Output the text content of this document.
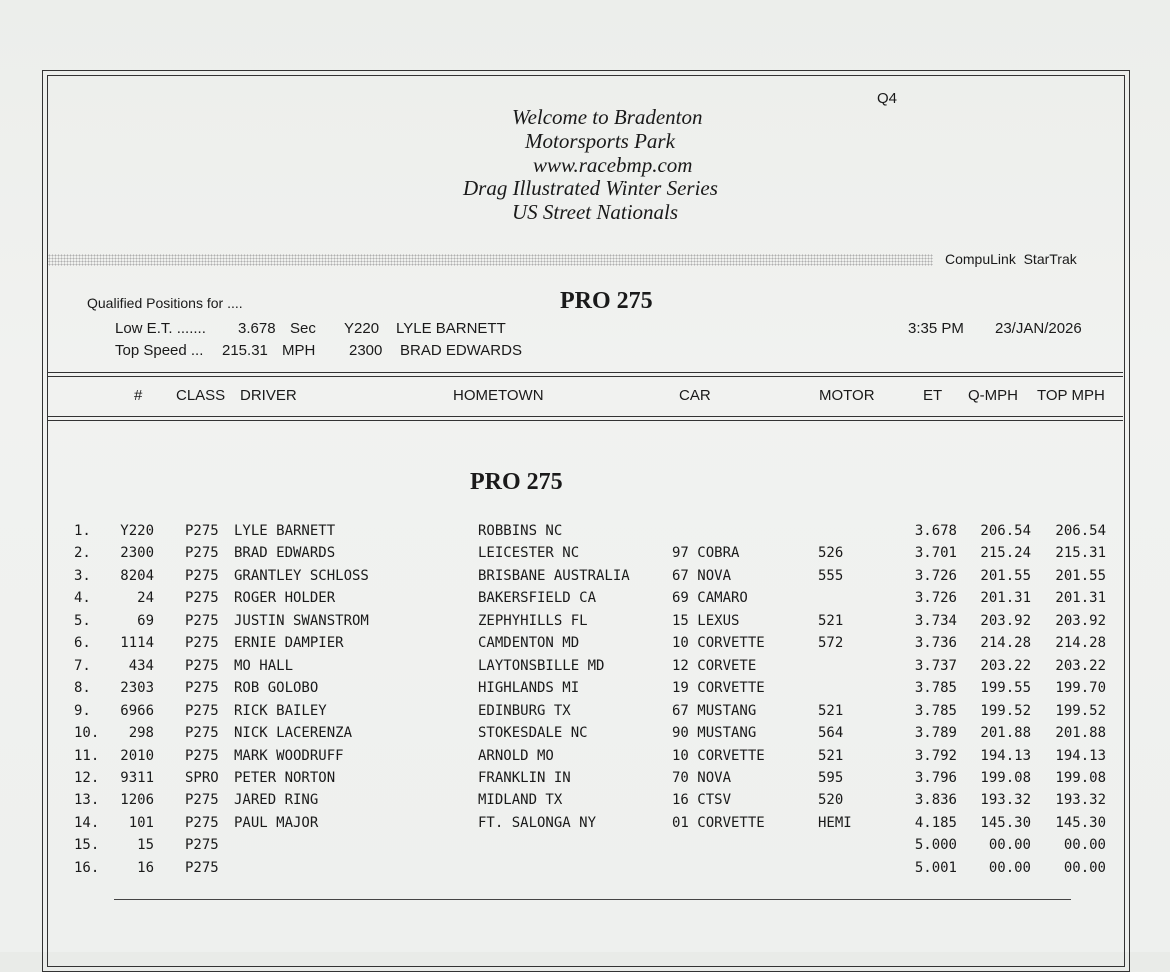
Q4
Welcome to Bradenton
Motorsports Park
www.racebmp.com
Drag Illustrated Winter Series
US Street Nationals
CompuLink  StarTrak
Qualified Positions for ....
Low E.T. ....... 3.678 Sec Y220 LYLE BARNETT
Top Speed ... 215.31 MPH 2300 BRAD EDWARDS
PRO 275
3:35 PM 23/JAN/2026
# CLASS DRIVER	HOMETOWN	CAR	MOTOR	ET Q-MPH TOP MPH
PRO 275
1. Y220 P275 LYLE BARNETT	ROBBINS NC	3.678 206.54 206.54
2. 2300 P275 BRAD EDWARDS	LEICESTER NC	97 COBRA	526	3.701 215.24 215.31
3. 8204 P275 GRANTLEY SCHLOSS	BRISBANE AUSTRALIA	67 NOVA	555	3.726 201.55 201.55
4.	24 P275 ROGER HOLDER	BAKERSFIELD CA	69 CAMARO	3.726 201.31 201.31
5.	69 P275 JUSTIN SWANSTROM	ZEPHYHILLS FL	15 LEXUS	521	3.734 203.92 203.92
6. 1114 P275 ERNIE DAMPIER	CAMDENTON MD	10 CORVETTE	572	3.736 214.28 214.28
7.	434 P275 MO HALL	LAYTONSBILLE MD	12 CORVETE	3.737 203.22 203.22
8. 2303 P275 ROB GOLOBO	HIGHLANDS MI	19 CORVETTE	3.785 199.55 199.70
9. 6966 P275 RICK BAILEY	EDINBURG TX	67 MUSTANG	521	3.785 199.52 199.52
10. 298 P275 NICK LACERENZA	STOKESDALE NC	90 MUSTANG	564	3.789 201.88 201.88
11. 2010 P275 MARK WOODRUFF	ARNOLD MO	10 CORVETTE	521	3.792 194.13 194.13
12. 9311 SPRO PETER NORTON	FRANKLIN IN	70 NOVA	595	3.796 199.08 199.08
13. 1206 P275 JARED RING	MIDLAND TX	16 CTSV	520	3.836 193.32 193.32
14. 101 P275 PAUL MAJOR	FT. SALONGA NY	01 CORVETTE	HEMI	4.185 145.30 145.30
15.	15 P275	5.000 00.00 00.00
16.	16 P275	5.001 00.00 00.00
